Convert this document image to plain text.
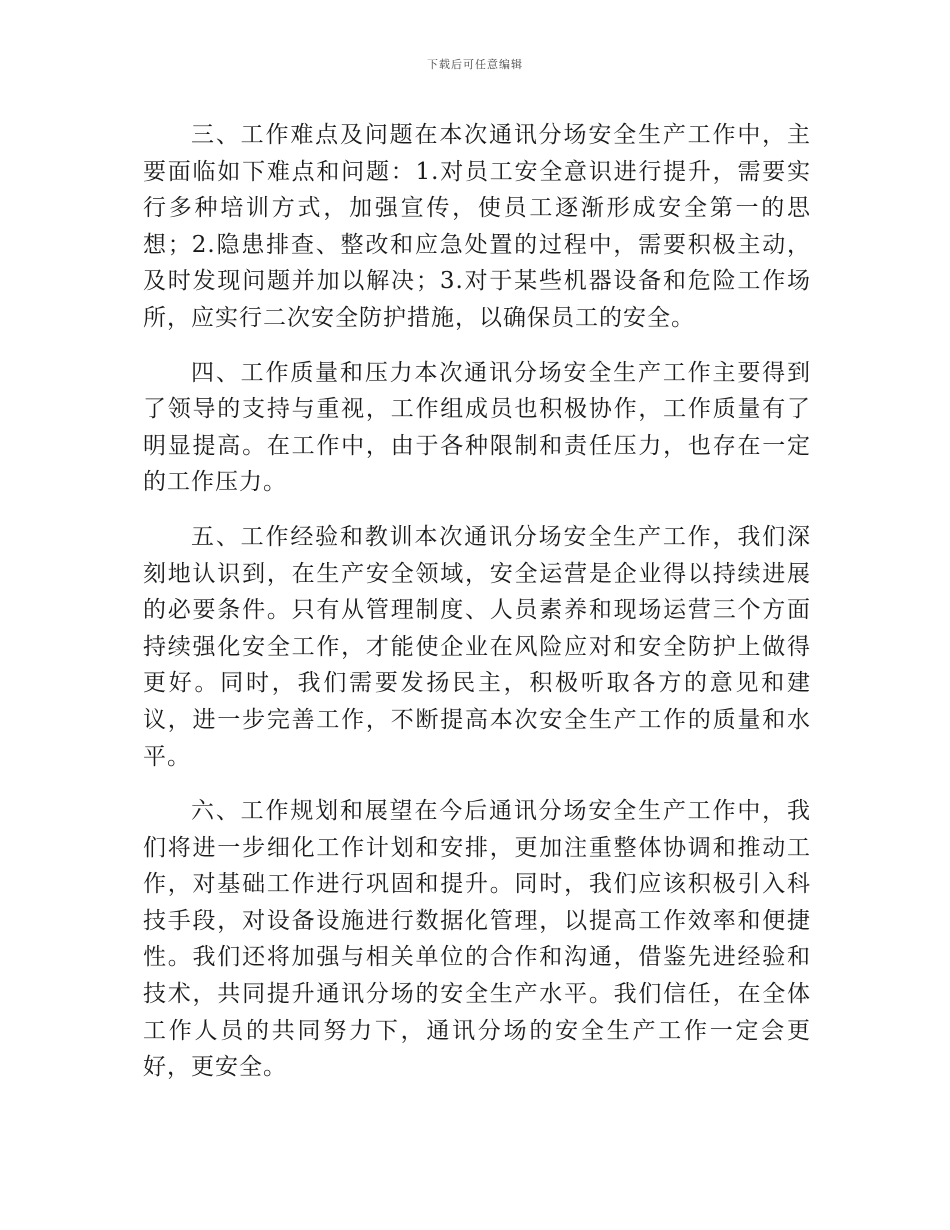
下载后可任意编辑

三、工作难点及问题在本次通讯分场安全生产工作中，主要面临如下难点和问题：1.对员工安全意识进行提升，需要实行多种培训方式，加强宣传，使员工逐渐形成安全第一的思想；2.隐患排查、整改和应急处置的过程中，需要积极主动，及时发现问题并加以解决；3.对于某些机器设备和危险工作场所，应实行二次安全防护措施，以确保员工的安全。

四、工作质量和压力本次通讯分场安全生产工作主要得到了领导的支持与重视，工作组成员也积极协作，工作质量有了明显提高。在工作中，由于各种限制和责任压力，也存在一定的工作压力。

五、工作经验和教训本次通讯分场安全生产工作，我们深刻地认识到，在生产安全领域，安全运营是企业得以持续进展的必要条件。只有从管理制度、人员素养和现场运营三个方面持续强化安全工作，才能使企业在风险应对和安全防护上做得更好。同时，我们需要发扬民主，积极听取各方的意见和建议，进一步完善工作，不断提高本次安全生产工作的质量和水平。

六、工作规划和展望在今后通讯分场安全生产工作中，我们将进一步细化工作计划和安排，更加注重整体协调和推动工作，对基础工作进行巩固和提升。同时，我们应该积极引入科技手段，对设备设施进行数据化管理，以提高工作效率和便捷性。我们还将加强与相关单位的合作和沟通，借鉴先进经验和技术，共同提升通讯分场的安全生产水平。我们信任，在全体工作人员的共同努力下，通讯分场的安全生产工作一定会更好，更安全。
